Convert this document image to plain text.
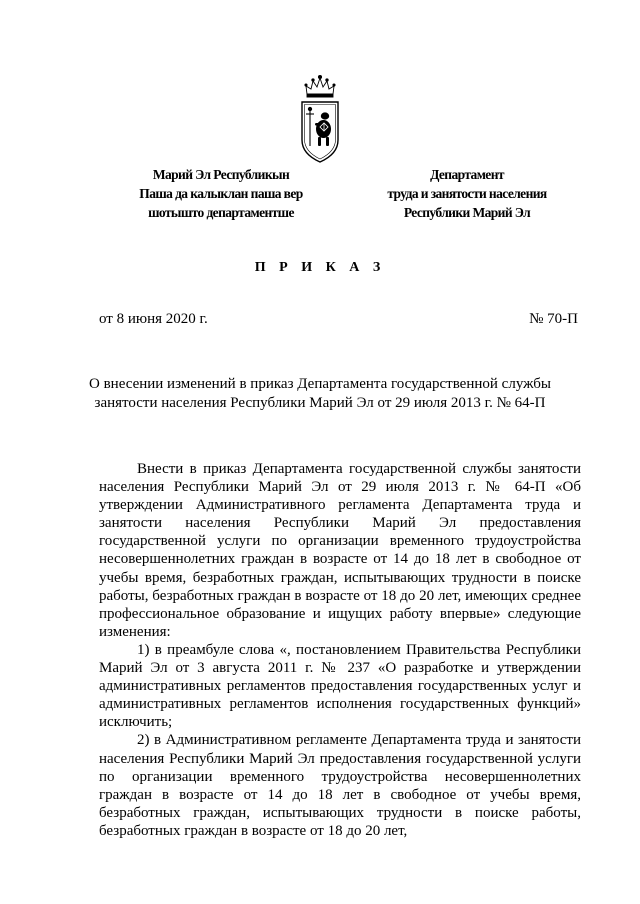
Марий Эл Республикын
Паша да калыклан паша вер
шотышто департаментше
Департамент
труда и занятости населения
Республики Марий Эл
П Р И К А З
от 8 июня 2020 г.	№ 70-П
О внесении изменений в приказ Департамента государственной службы
занятости населения Республики Марий Эл от 29 июля 2013 г. № 64-П

Внести в приказ Департамента государственной службы занятости населения Республики Марий Эл от 29 июля 2013 г. № 64-П «Об утверждении Административного регламента Департамента труда и занятости населения Республики Марий Эл предоставления государственной услуги по организации временного трудоустройства несовершеннолетних граждан в возрасте от 14 до 18 лет в свободное от учебы время, безработных граждан, испытывающих трудности в поиске работы, безработных граждан в возрасте от 18 до 20 лет, имеющих среднее профессиональное образование и ищущих работу впервые» следующие изменения:

1) в преамбуле слова «, постановлением Правительства Республики Марий Эл от 3 августа 2011 г. № 237 «О разработке и утверждении административных регламентов предоставления государственных услуг и административных регламентов исполнения государственных функций» исключить;

2) в Административном регламенте Департамента труда и занятости населения Республики Марий Эл предоставления государственной услуги по организации временного трудоустройства несовершеннолетних граждан в возрасте от 14 до 18 лет в свободное от учебы время, безработных граждан, испытывающих трудности в поиске работы, безработных граждан в возрасте от 18 до 20 лет,
